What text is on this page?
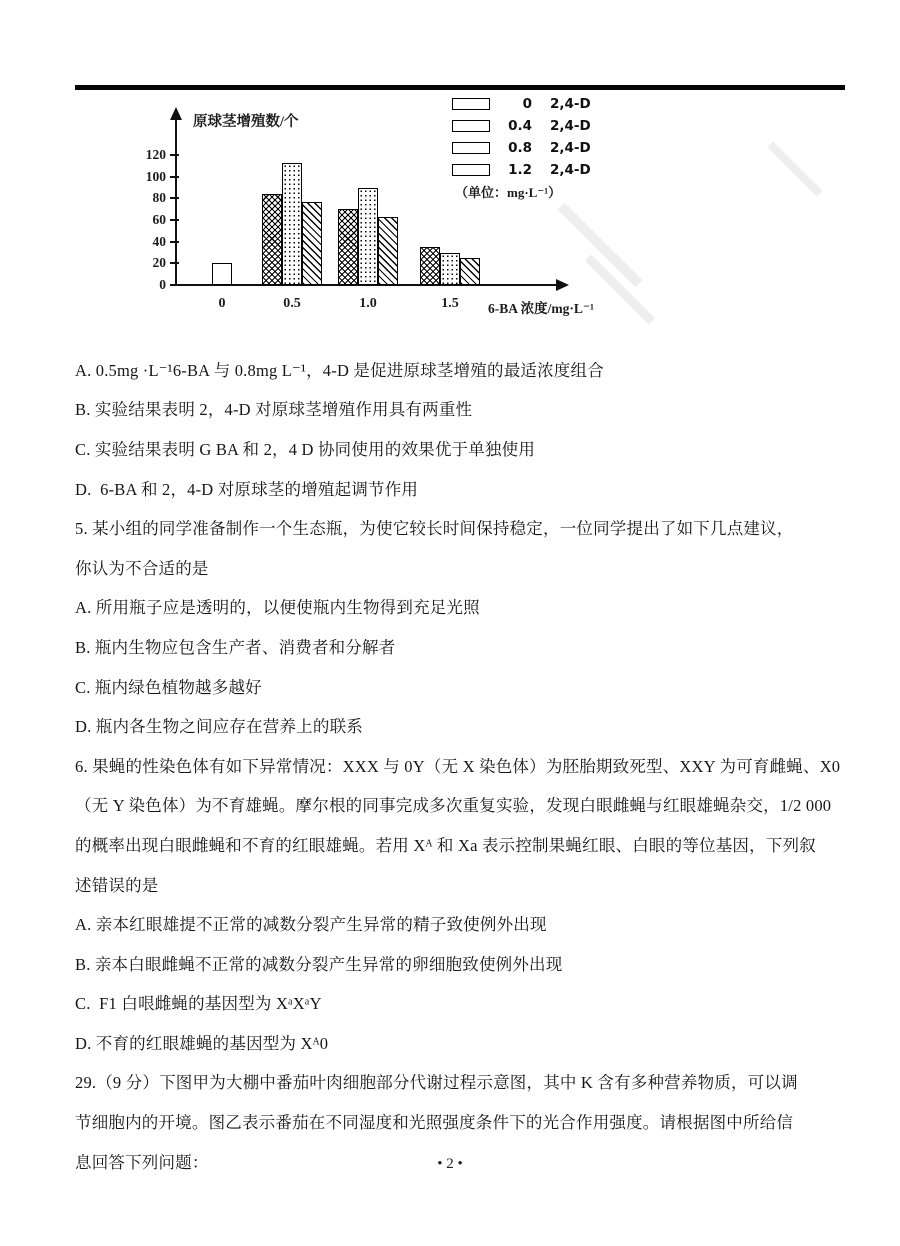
原球茎增殖数/个
6-BA 浓度/mg·L⁻¹
0
20
40
60
80
100
120
0	0.5	1.0	1.5
0 2,4-D
0.4 2,4-D
0.8 2,4-D
1.2 2,4-D
（单位：mg·L⁻¹）
A. 0.5mg ·L⁻¹6-BA 与 0.8mg L⁻¹，4-D 是促进原球茎增殖的最适浓度组合
B. 实验结果表明 2，4-D 对原球茎增殖作用具有两重性
C. 实验结果表明 G BA 和 2，4 D 协同使用的效果优于单独使用
D.  6-BA 和 2，4-D 对原球茎的增殖起调节作用
5. 某小组的同学准备制作一个生态瓶，为使它较长时间保持稳定，一位同学提出了如下几点建议，
你认为不合适的是
A. 所用瓶子应是透明的，以便使瓶内生物得到充足光照
B. 瓶内生物应包含生产者、消费者和分解者
C. 瓶内绿色植物越多越好
D. 瓶内各生物之间应存在营养上的联系
6. 果蝇的性染色体有如下异常情况：XXX 与 0Y（无 X 染色体）为胚胎期致死型、XXY 为可育雌蝇、X0
（无 Y 染色体）为不育雄蝇。摩尔根的同事完成多次重复实验，发现白眼雌蝇与红眼雄蝇杂交，1/2 000
的概率出现白眼雌蝇和不育的红眼雄蝇。若用 Xᴬ 和 Xa 表示控制果蝇红眼、白眼的等位基因，下列叙
述错误的是
A. 亲本红眼雄提不正常的减数分裂产生异常的精子致使例外出现
B. 亲本白眼雌蝇不正常的减数分裂产生异常的卵细胞致使例外出现
C.  F1 白哏雌蝇的基因型为 XᵃXᵃY
D. 不育的红眼雄蝇的基因型为 Xᴬ0
29.（9 分）下图甲为大棚中番茄叶肉细胞部分代谢过程示意图，其中 K 含有多种营养物质，可以调
节细胞内的开境。图乙表示番茄在不同湿度和光照强度条件下的光合作用强度。请根据图中所给信
息回答下列问题：	• 2 •
